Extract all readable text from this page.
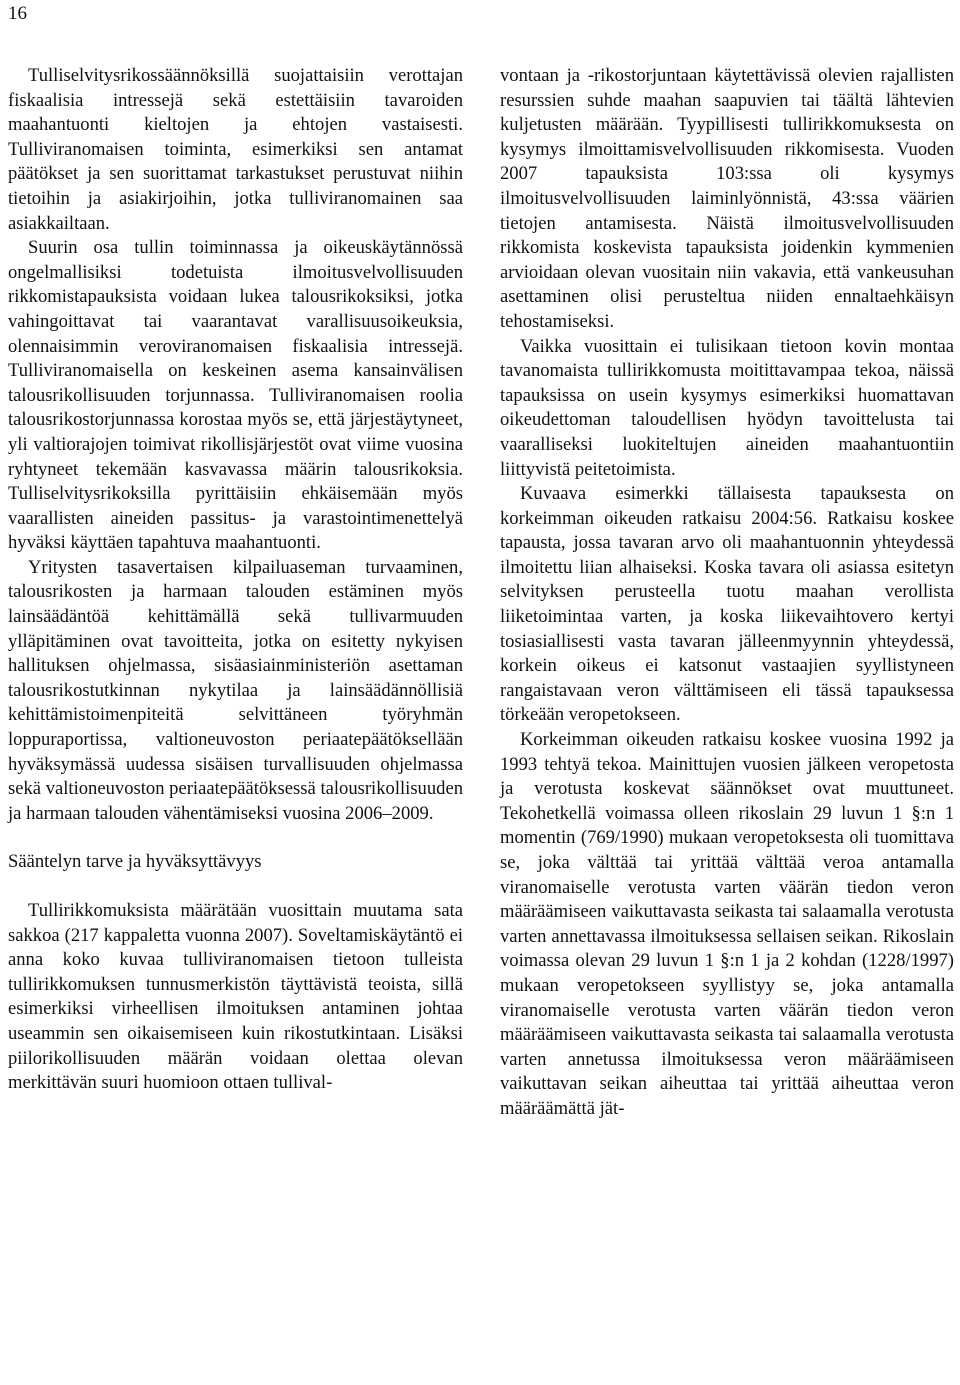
16

Tulliselvitysrikossäännöksillä suojattaisiin verottajan fiskaalisia intressejä sekä estettäisiin tavaroiden maahantuonti kieltojen ja ehtojen vastaisesti. Tulliviranomaisen toiminta, esimerkiksi sen antamat päätökset ja sen suorittamat tarkastukset perustuvat niihin tietoihin ja asiakirjoihin, jotka tulliviranomainen saa asiakkailtaan.

Suurin osa tullin toiminnassa ja oikeuskäytännössä ongelmallisiksi todetuista ilmoitusvelvollisuuden rikkomistapauksista voidaan lukea talousrikoksiksi, jotka vahingoittavat tai vaarantavat varallisuusoikeuksia, olennaisimmin veroviranomaisen fiskaalisia intressejä. Tulliviranomaisella on keskeinen asema kansainvälisen talousrikollisuuden torjunnassa. Tulliviranomaisen roolia talousrikostorjunnassa korostaa myös se, että järjestäytyneet, yli valtiorajojen toimivat rikollisjärjestöt ovat viime vuosina ryhtyneet tekemään kasvavassa määrin talousrikoksia. Tulliselvitysrikoksilla pyrittäisiin ehkäisemään myös vaarallisten aineiden passitus- ja varastointimenettelyä hyväksi käyttäen tapahtuva maahantuonti.

Yritysten tasavertaisen kilpailuaseman turvaaminen, talousrikosten ja harmaan talouden estäminen myös lainsäädäntöä kehittämällä sekä tullivarmuuden ylläpitäminen ovat tavoitteita, jotka on esitetty nykyisen hallituksen ohjelmassa, sisäasiainministeriön asettaman talousrikostutkinnan nykytilaa ja lainsäädännöllisiä kehittämistoimenpiteitä selvittäneen työryhmän loppuraportissa, valtioneuvoston periaatepäätöksellään hyväksymässä uudessa sisäisen turvallisuuden ohjelmassa sekä valtioneuvoston periaatepäätöksessä talousrikollisuuden ja harmaan talouden vähentämiseksi vuosina 2006–2009.

Sääntelyn tarve ja hyväksyttävyys

Tullirikkomuksista määrätään vuosittain muutama sata sakkoa (217 kappaletta vuonna 2007). Soveltamiskäytäntö ei anna koko kuvaa tulliviranomaisen tietoon tulleista tullirikkomuksen tunnusmerkistön täyttävistä teoista, sillä esimerkiksi virheellisen ilmoituksen antaminen johtaa useammin sen oikaisemiseen kuin rikostutkintaan. Lisäksi piilorikollisuuden määrän voidaan olettaa olevan merkittävän suuri huomioon ottaen tullival-

vontaan ja -rikostorjuntaan käytettävissä olevien rajallisten resurssien suhde maahan saapuvien tai täältä lähtevien kuljetusten määrään. Tyypillisesti tullirikkomuksesta on kysymys ilmoittamisvelvollisuuden rikkomisesta. Vuoden 2007 tapauksista 103:ssa oli kysymys ilmoitusvelvollisuuden laiminlyönnistä, 43:ssa väärien tietojen antamisesta. Näistä ilmoitusvelvollisuuden rikkomista koskevista tapauksista joidenkin kymmenien arvioidaan olevan vuositain niin vakavia, että vankeusuhan asettaminen olisi perusteltua niiden ennaltaehkäisyn tehostamiseksi.

Vaikka vuosittain ei tulisikaan tietoon kovin montaa tavanomaista tullirikkomusta moitittavampaa tekoa, näissä tapauksissa on usein kysymys esimerkiksi huomattavan oikeudettoman taloudellisen hyödyn tavoittelusta tai vaaralliseksi luokiteltujen aineiden maahantuontiin liittyvistä peitetoimista.

Kuvaava esimerkki tällaisesta tapauksesta on korkeimman oikeuden ratkaisu 2004:56. Ratkaisu koskee tapausta, jossa tavaran arvo oli maahantuonnin yhteydessä ilmoitettu liian alhaiseksi. Koska tavara oli asiassa esitetyn selvityksen perusteella tuotu maahan verollista liiketoimintaa varten, ja koska liikevaihtovero kertyi tosiasiallisesti vasta tavaran jälleenmyynnin yhteydessä, korkein oikeus ei katsonut vastaajien syyllistyneen rangaistavaan veron välttämiseen eli tässä tapauksessa törkeään veropetokseen.

Korkeimman oikeuden ratkaisu koskee vuosina 1992 ja 1993 tehtyä tekoa. Mainittujen vuosien jälkeen veropetosta ja verotusta koskevat säännökset ovat muuttuneet. Tekohetkellä voimassa olleen rikoslain 29 luvun 1 §:n 1 momentin (769/1990) mukaan veropetoksesta oli tuomittava se, joka välttää tai yrittää välttää veroa antamalla viranomaiselle verotusta varten väärän tiedon veron määräämiseen vaikuttavasta seikasta tai salaamalla verotusta varten annettavassa ilmoituksessa sellaisen seikan. Rikoslain voimassa olevan 29 luvun 1 §:n 1 ja 2 kohdan (1228/1997) mukaan veropetokseen syyllistyy se, joka antamalla viranomaiselle verotusta varten väärän tiedon veron määräämiseen vaikuttavasta seikasta tai salaamalla verotusta varten annetussa ilmoituksessa veron määräämiseen vaikuttavan seikan aiheuttaa tai yrittää aiheuttaa veron määräämättä jät-
